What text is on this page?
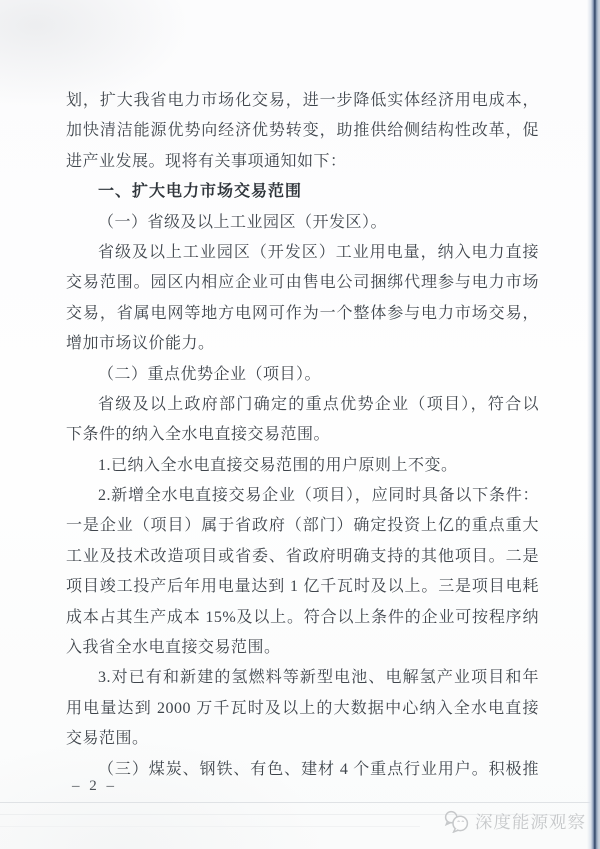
划，扩大我省电力市场化交易，进一步降低实体经济用电成本，
加快清洁能源优势向经济优势转变，助推供给侧结构性改革，促
进产业发展。现将有关事项通知如下：
一、扩大电力市场交易范围
（一）省级及以上工业园区（开发区）。
省级及以上工业园区（开发区）工业用电量，纳入电力直接
交易范围。园区内相应企业可由售电公司捆绑代理参与电力市场
交易，省属电网等地方电网可作为一个整体参与电力市场交易，
增加市场议价能力。
（二）重点优势企业（项目）。
省级及以上政府部门确定的重点优势企业（项目），符合以
下条件的纳入全水电直接交易范围。
1.已纳入全水电直接交易范围的用户原则上不变。
2.新增全水电直接交易企业（项目），应同时具备以下条件：
一是企业（项目）属于省政府（部门）确定投资上亿的重点重大
工业及技术改造项目或省委、省政府明确支持的其他项目。二是
项目竣工投产后年用电量达到 1 亿千瓦时及以上。三是项目电耗
成本占其生产成本 15%及以上。符合以上条件的企业可按程序纳
入我省全水电直接交易范围。
3.对已有和新建的氢燃料等新型电池、电解氢产业项目和年
用电量达到 2000 万千瓦时及以上的大数据中心纳入全水电直接
交易范围。
（三）煤炭、钢铁、有色、建材 4 个重点行业用户。积极推
– 2 –
深度能源观察
